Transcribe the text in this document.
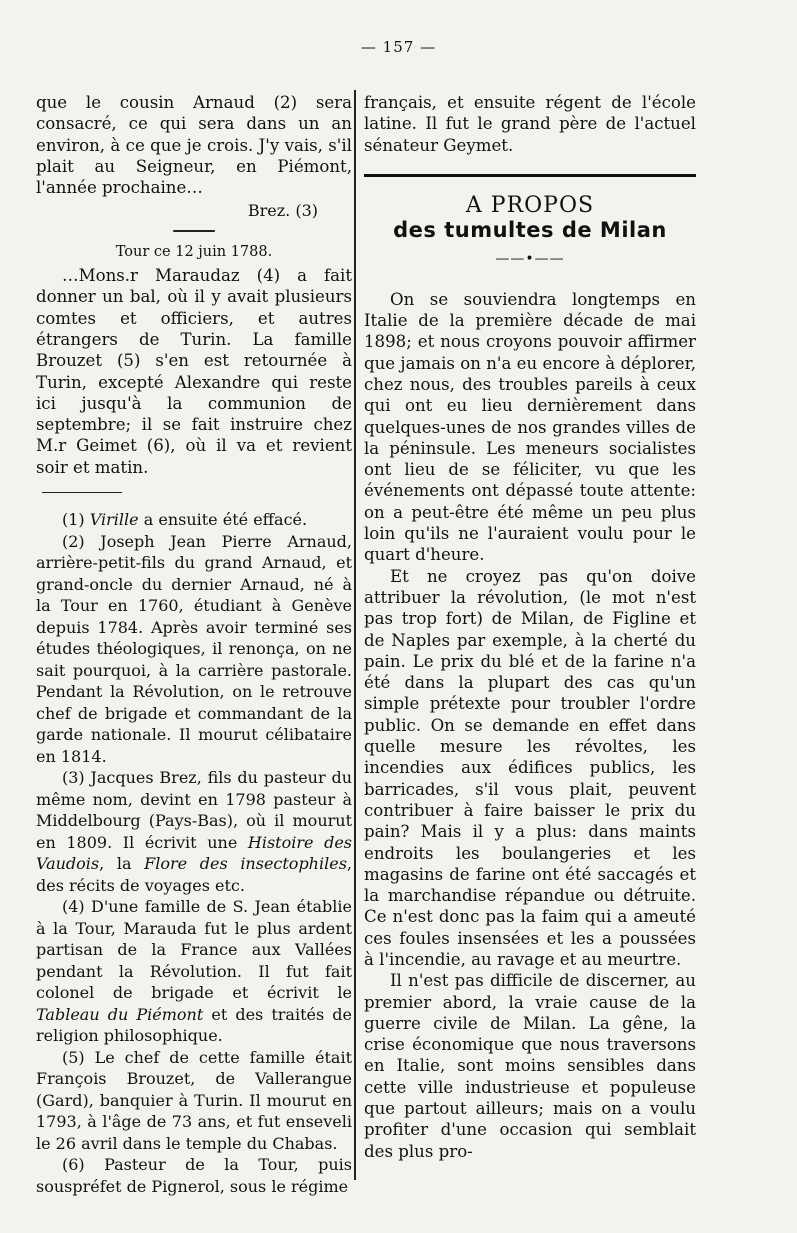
— 157 —

que le cousin Arnaud (2) sera consacré, ce qui sera dans un an environ, à ce que je crois. J'y vais, s'il plait au Seigneur, en Piémont, l'année prochaine…

Brez. (3)

Tour ce 12 juin 1788.

…Mons.r Maraudaz (4) a fait donner un bal, où il y avait plusieurs comtes et officiers, et autres étrangers de Turin. La famille Brouzet (5) s'en est retournée à Turin, excepté Alexandre qui reste ici jusqu'à la communion de septembre; il se fait instruire chez M.r Geimet (6), où il va et revient soir et matin.

(1) Virille a ensuite été effacé.

(2) Joseph Jean Pierre Arnaud, arrière-petit-fils du grand Arnaud, et grand-oncle du dernier Arnaud, né à la Tour en 1760, étudiant à Genève depuis 1784. Après avoir terminé ses études théologiques, il renonça, on ne sait pourquoi, à la carrière pastorale. Pendant la Révolution, on le retrouve chef de brigade et commandant de la garde nationale. Il mourut célibataire en 1814.

(3) Jacques Brez, fils du pasteur du même nom, devint en 1798 pasteur à Middelbourg (Pays-Bas), où il mourut en 1809. Il écrivit une Histoire des Vaudois, la Flore des insectophiles, des récits de voyages etc.

(4) D'une famille de S. Jean établie à la Tour, Marauda fut le plus ardent partisan de la France aux Vallées pendant la Révolution. Il fut fait colonel de brigade et écrivit le Tableau du Piémont et des traités de religion philosophique.

(5) Le chef de cette famille était François Brouzet, de Vallerangue (Gard), banquier à Turin. Il mourut en 1793, à l'âge de 73 ans, et fut enseveli le 26 avril dans le temple du Chabas.

(6) Pasteur de la Tour, puis souspréfet de Pignerol, sous le régime

français, et ensuite régent de l'école latine. Il fut le grand père de l'actuel sénateur Geymet.

A PROPOS
des tumultes de Milan
——•——

On se souviendra longtemps en Italie de la première décade de mai 1898; et nous croyons pouvoir affirmer que jamais on n'a eu encore à déplorer, chez nous, des troubles pareils à ceux qui ont eu lieu dernièrement dans quelques-unes de nos grandes villes de la péninsule. Les meneurs socialistes ont lieu de se féliciter, vu que les événements ont dépassé toute attente: on a peut-être été même un peu plus loin qu'ils ne l'auraient voulu pour le quart d'heure.

Et ne croyez pas qu'on doive attribuer la révolution, (le mot n'est pas trop fort) de Milan, de Figline et de Naples par exemple, à la cherté du pain. Le prix du blé et de la farine n'a été dans la plupart des cas qu'un simple prétexte pour troubler l'ordre public. On se demande en effet dans quelle mesure les révoltes, les incendies aux édifices publics, les barricades, s'il vous plait, peuvent contribuer à faire baisser le prix du pain? Mais il y a plus: dans maints endroits les boulangeries et les magasins de farine ont été saccagés et la marchandise répandue ou détruite. Ce n'est donc pas la faim qui a ameuté ces foules insensées et les a poussées à l'incendie, au ravage et au meurtre.

Il n'est pas difficile de discerner, au premier abord, la vraie cause de la guerre civile de Milan. La gêne, la crise économique que nous traversons en Italie, sont moins sensibles dans cette ville industrieuse et populeuse que partout ailleurs; mais on a voulu profiter d'une occasion qui semblait des plus pro-
